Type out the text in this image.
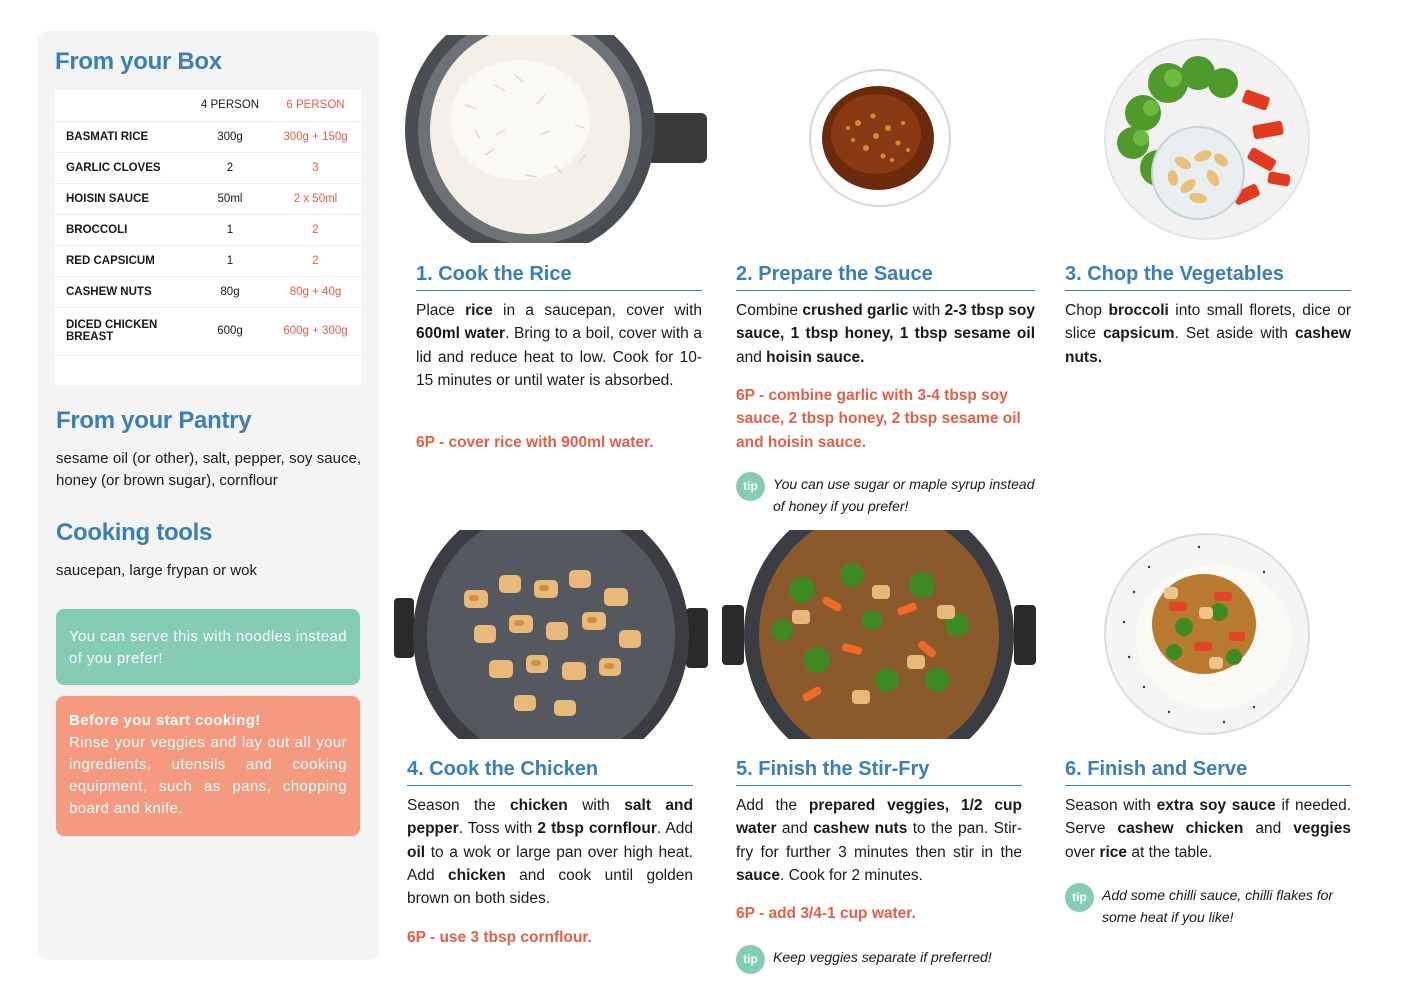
From your Box
	4 PERSON	6 PERSON
BASMATI RICE	300g	300g + 150g
GARLIC CLOVES	2	3
HOISIN SAUCE	50ml	2 x 50ml
BROCCOLI	1	2
RED CAPSICUM	1	2
CASHEW NUTS	80g	80g + 40g
DICED CHICKEN BREAST	600g	600g + 300g

From your Pantry
sesame oil (or other), salt, pepper, soy sauce, honey (or brown sugar), cornflour
Cooking tools
saucepan, large frypan or wok
You can serve this with noodles instead of you prefer!
Before you start cooking!
Rinse your veggies and lay out all your ingredients, utensils and cooking equipment, such as pans, chopping board and knife.
1. Cook the Rice
Place rice in a saucepan, cover with 600ml water. Bring to a boil, cover with a lid and reduce heat to low. Cook for 10-15 minutes or until water is absorbed.
6P - cover rice with 900ml water.
2. Prepare the Sauce
Combine crushed garlic with 2-3 tbsp soy sauce, 1 tbsp honey, 1 tbsp sesame oil and hoisin sauce.
6P - combine garlic with 3-4 tbsp soy sauce, 2 tbsp honey, 2 tbsp sesame oil and hoisin sauce.
tip	You can use sugar or maple syrup instead of honey if you prefer!
3. Chop the Vegetables
Chop broccoli into small florets, dice or slice capsicum. Set aside with cashew nuts.
4. Cook the Chicken
Season the chicken with salt and pepper. Toss with 2 tbsp cornflour. Add oil to a wok or large pan over high heat. Add chicken and cook until golden brown on both sides.
6P - use 3 tbsp cornflour.
5. Finish the Stir-Fry
Add the prepared veggies, 1/2 cup water and cashew nuts to the pan. Stir-fry for further 3 minutes then stir in the sauce. Cook for 2 minutes.
6P - add 3/4-1 cup water.
tip	Keep veggies separate if preferred!
6. Finish and Serve
Season with extra soy sauce if needed. Serve cashew chicken and veggies over rice at the table.
tip	Add some chilli sauce, chilli flakes for some heat if you like!
